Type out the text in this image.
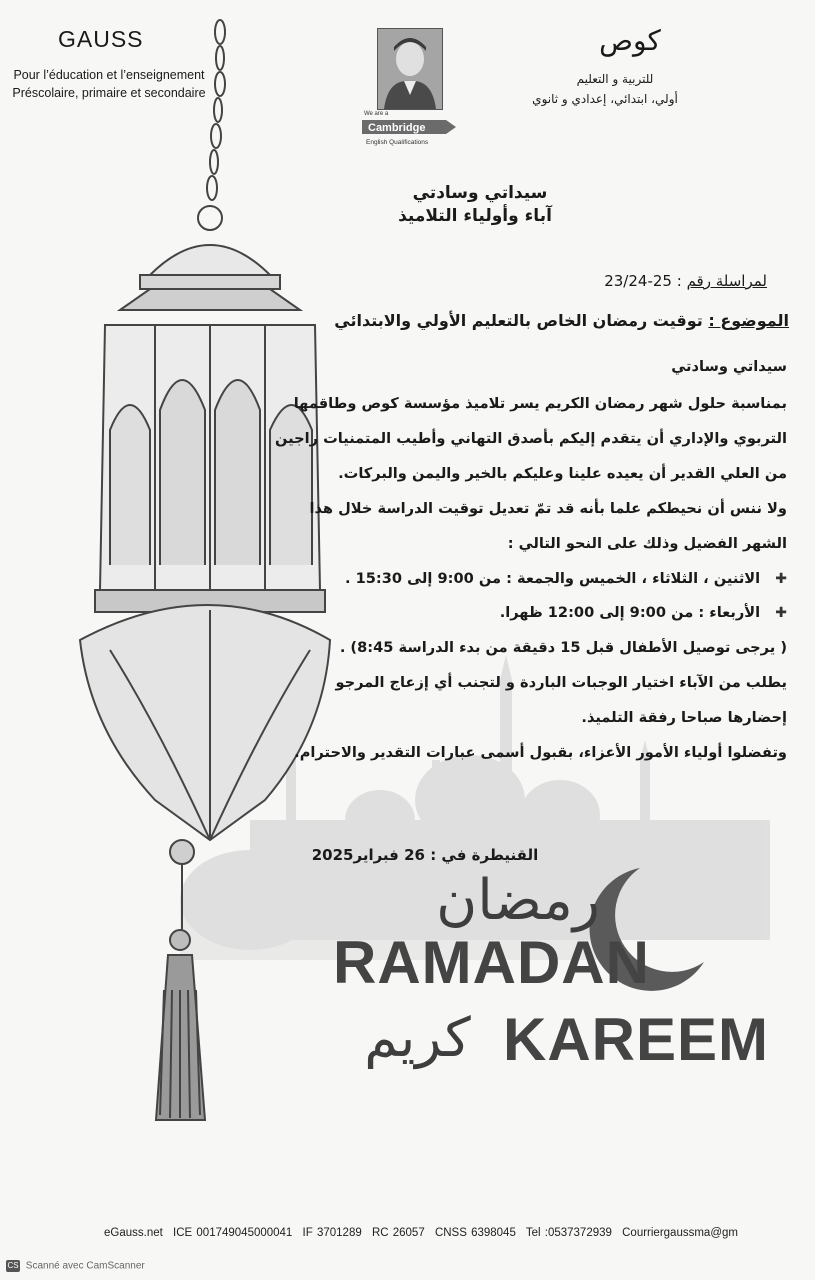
GAUSS
Pour l’éducation et l’enseignement
Préscolaire, primaire et secondaire
We are a
Cambridge
English Qualifications
كوص
للتربية و التعليم
أولي، ابتدائي، إعدادي و ثانوي
سيداتي وسادتي
آباء وأولياء التلاميذ
لمراسلة رقم : 25-23/24
الموضوع : توقيت رمضان الخاص بالتعليم الأولي والابتدائي
سيداتي وسادتي
بمناسبة حلول شهر رمضان الكريم يسر تلاميذ مؤسسة كوص وطاقمها
التربوي والإداري أن يتقدم إليكم بأصدق التهاني وأطيب المتمنيات راجين
من العلي القدير أن يعيده علينا وعليكم بالخير واليمن والبركات.
ولا ننس أن نحيطكم علما بأنه قد تمّ تعديل توقيت الدراسة خلال هذا
الشهر الفضيل وذلك على النحو التالي :
✚ الاثنين ، الثلاثاء ، الخميس والجمعة : من 9:00 إلى 15:30 .
✚ الأربعاء : من 9:00 إلى 12:00 ظهرا.
( يرجى توصيل الأطفال قبل 15 دقيقة من بدء الدراسة 8:45) .
يطلب من الآباء اختيار الوجبات الباردة و لتجنب أي إزعاج المرجو
إحضارها صباحا رفقة التلميذ.
وتفضلوا أولياء الأمور الأعزاء، بقبول أسمى عبارات التقدير والاحترام.
القنيطرة في : 26 فبراير2025
رمضان
RAMADAN
كريم KAREEM
eGauss.net ICE 001749045000041 IF 3701289 RC 26057 CNSS 6398045 Tel :0537372939 Courriergaussma@gm
CS Scanné avec CamScanner
